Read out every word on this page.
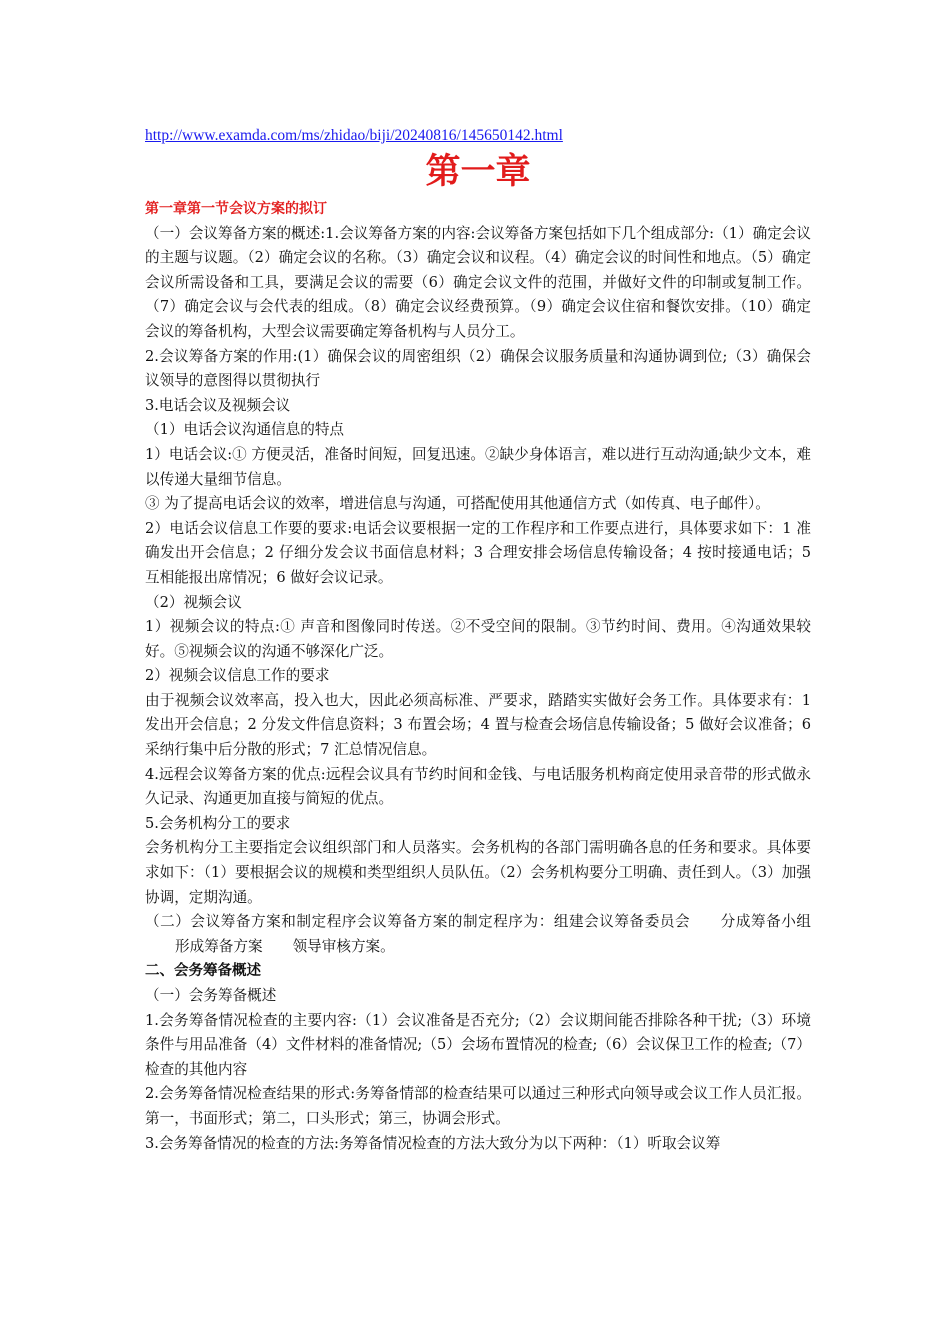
http://www.examda.com/ms/zhidao/biji/20240816/145650142.html
第一章
第一章第一节会议方案的拟订

（一）会议筹备方案的概述:1.会议筹备方案的内容:会议筹备方案包括如下几个组成部分:（1）确定会议的主题与议题。（2）确定会议的名称。（3）确定会议和议程。（4）确定会议的时间性和地点。（5）确定会议所需设备和工具，要满足会议的需要（6）确定会议文件的范围，并做好文件的印制或复制工作。（7）确定会议与会代表的组成。（8）确定会议经费预算。（9）确定会议住宿和餐饮安排。（10）确定会议的筹备机构，大型会议需要确定筹备机构与人员分工。

2.会议筹备方案的作用:(1）确保会议的周密组织（2）确保会议服务质量和沟通协调到位;（3）确保会议领导的意图得以贯彻执行

3.电话会议及视频会议

（1）电话会议沟通信息的特点

1）电话会议:① 方便灵活，准备时间短，回复迅速。②缺少身体语言，难以进行互动沟通;缺少文本，难以传递大量细节信息。

③ 为了提高电话会议的效率，增进信息与沟通，可搭配使用其他通信方式（如传真、电子邮件）。

2）电话会议信息工作要的要求:电话会议要根据一定的工作程序和工作要点进行，具体要求如下：1 准确发出开会信息；2 仔细分发会议书面信息材料；3 合理安排会场信息传输设备；4 按时接通电话；5 互相能报出席情况；6 做好会议记录。

（2）视频会议

1）视频会议的特点:① 声音和图像同时传送。②不受空间的限制。③节约时间、费用。④沟通效果较好。⑤视频会议的沟通不够深化广泛。

2）视频会议信息工作的要求

由于视频会议效率高，投入也大，因此必须高标准、严要求，踏踏实实做好会务工作。具体要求有：1 发出开会信息；2 分发文件信息资料；3 布置会场；4 置与检查会场信息传输设备；5 做好会议准备；6 采纳行集中后分散的形式；7 汇总情况信息。

4.远程会议筹备方案的优点:远程会议具有节约时间和金钱、与电话服务机构商定使用录音带的形式做永久记录、沟通更加直接与简短的优点。

5.会务机构分工的要求

会务机构分工主要指定会议组织部门和人员落实。会务机构的各部门需明确各息的任务和要求。具体要求如下：（1）要根据会议的规模和类型组织人员队伍。（2）会务机构要分工明确、责任到人。（3）加强协调，定期沟通。

（二）会议筹备方案和制定程序会议筹备方案的制定程序为：组建会议筹备委员会 分成筹备小组形成筹备方案 领导审核方案。

二、会务筹备概述

（一）会务筹备概述

1.会务筹备情况检查的主要内容:（1）会议准备是否充分;（2）会议期间能否排除各种干扰;（3）环境条件与用品准备（4）文件材料的准备情况;（5）会场布置情况的检查;（6）会议保卫工作的检查;（7）检查的其他内容

2.会务筹备情况检查结果的形式:务筹备情部的检查结果可以通过三种形式向领导或会议工作人员汇报。第一，书面形式；第二，口头形式；第三，协调会形式。

3.会务筹备情况的检查的方法:务筹备情况检查的方法大致分为以下两种：（1）听取会议筹
